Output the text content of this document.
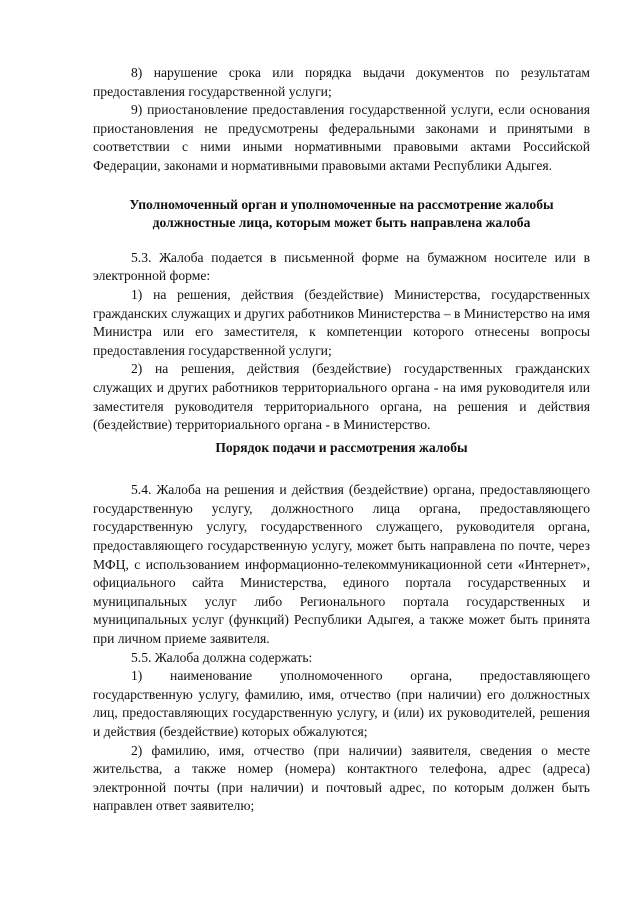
8) нарушение срока или порядка выдачи документов по результатам предоставления государственной услуги;

9) приостановление предоставления государственной услуги, если основания приостановления не предусмотрены федеральными законами и принятыми в соответствии с ними иными нормативными правовыми актами Российской Федерации, законами и нормативными правовыми актами Республики Адыгея.

Уполномоченный орган и уполномоченные на рассмотрение жалобы должностные лица, которым может быть направлена жалоба

5.3. Жалоба подается в письменной форме на бумажном носителе или в электронной форме:

1) на решения, действия (бездействие) Министерства, государственных гражданских служащих и других работников Министерства – в Министерство на имя Министра или его заместителя, к компетенции которого отнесены вопросы предоставления государственной услуги;

2) на решения, действия (бездействие) государственных гражданских служащих и других работников территориального органа - на имя руководителя или заместителя руководителя территориального органа, на решения и действия (бездействие) территориального органа - в Министерство.

Порядок подачи и рассмотрения жалобы

5.4. Жалоба на решения и действия (бездействие) органа, предоставляющего государственную услугу, должностного лица органа, предоставляющего государственную услугу, государственного служащего, руководителя органа, предоставляющего государственную услугу, может быть направлена по почте, через МФЦ, с использованием информационно-телекоммуникационной сети «Интернет», официального сайта Министерства, единого портала государственных и муниципальных услуг либо Регионального портала государственных и муниципальных услуг (функций) Республики Адыгея, а также может быть принята при личном приеме заявителя.

5.5. Жалоба должна содержать:

1) наименование уполномоченного органа, предоставляющего государственную услугу, фамилию, имя, отчество (при наличии) его должностных лиц, предоставляющих государственную услугу, и (или) их руководителей, решения и действия (бездействие) которых обжалуются;

2) фамилию, имя, отчество (при наличии) заявителя, сведения о месте жительства, а также номер (номера) контактного телефона, адрес (адреса) электронной почты (при наличии) и почтовый адрес, по которым должен быть направлен ответ заявителю;
